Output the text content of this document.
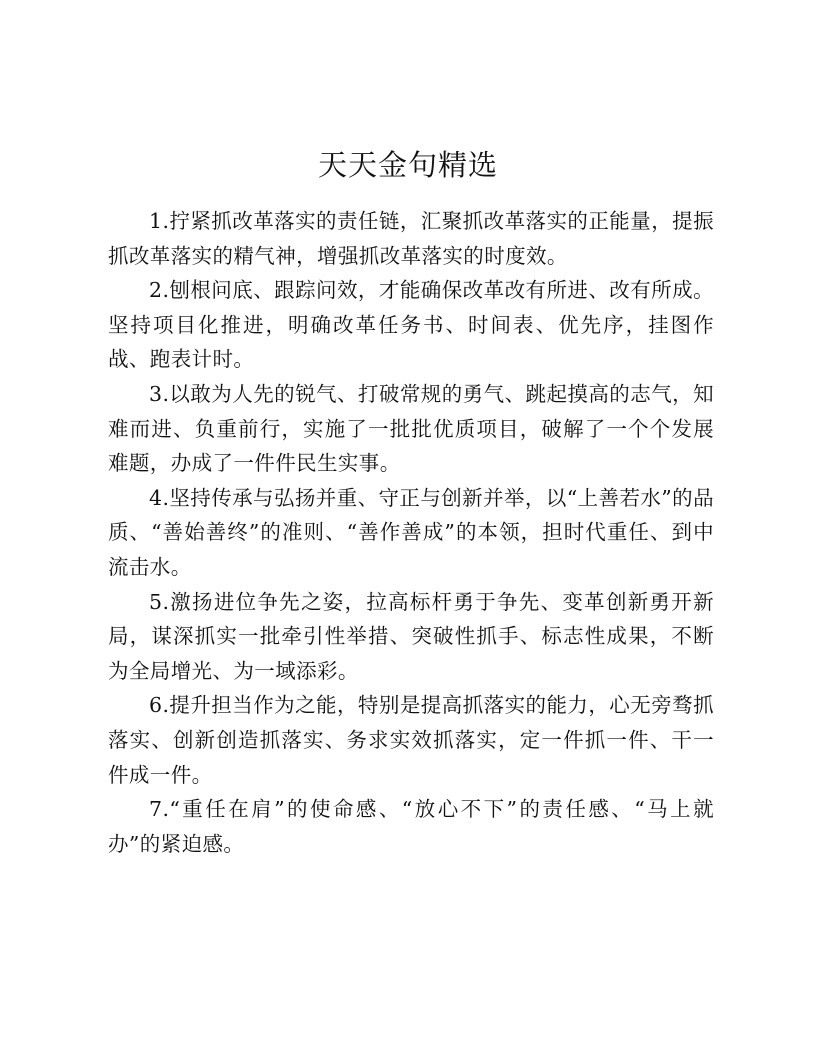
天天金句精选

1.拧紧抓改革落实的责任链，汇聚抓改革落实的正能量，提振抓改革落实的精气神，增强抓改革落实的时度效。

2.刨根问底、跟踪问效，才能确保改革改有所进、改有所成。坚持项目化推进，明确改革任务书、时间表、优先序，挂图作战、跑表计时。

3.以敢为人先的锐气、打破常规的勇气、跳起摸高的志气，知难而进、负重前行，实施了一批批优质项目，破解了一个个发展难题，办成了一件件民生实事。

4.坚持传承与弘扬并重、守正与创新并举，以“上善若水”的品质、“善始善终”的准则、“善作善成”的本领，担时代重任、到中流击水。

5.激扬进位争先之姿，拉高标杆勇于争先、变革创新勇开新局，谋深抓实一批牵引性举措、突破性抓手、标志性成果，不断为全局增光、为一域添彩。

6.提升担当作为之能，特别是提高抓落实的能力，心无旁骛抓落实、创新创造抓落实、务求实效抓落实，定一件抓一件、干一件成一件。

7.“重任在肩”的使命感、“放心不下”的责任感、“马上就办”的紧迫感。
